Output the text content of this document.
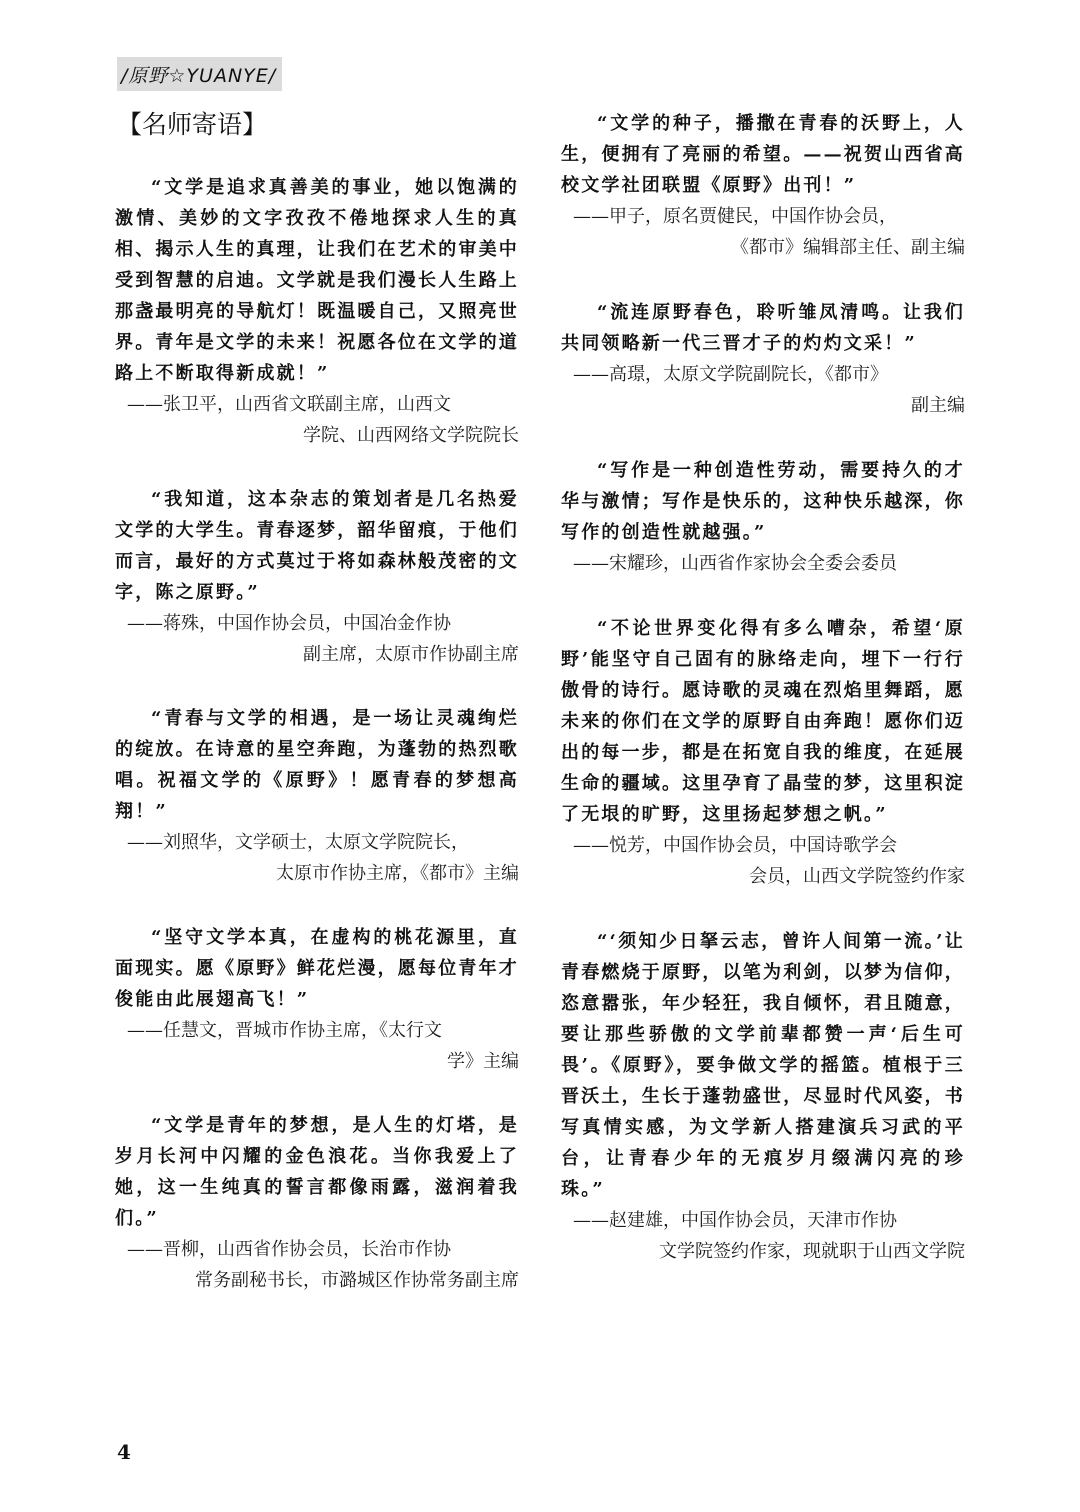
/原野☆YUANYE/
【名师寄语】

“文学是追求真善美的事业，她以饱满的激情、美妙的文字孜孜不倦地探求人生的真相、揭示人生的真理，让我们在艺术的审美中受到智慧的启迪。文学就是我们漫长人生路上那盏最明亮的导航灯！既温暖自己，又照亮世界。青年是文学的未来！祝愿各位在文学的道路上不断取得新成就！”

——张卫平，山西省文联副主席，山西文
学院、山西网络文学院院长

“我知道，这本杂志的策划者是几名热爱文学的大学生。青春逐梦，韶华留痕，于他们而言，最好的方式莫过于将如森林般茂密的文字，陈之原野。”

——蒋殊，中国作协会员，中国冶金作协
副主席，太原市作协副主席

“青春与文学的相遇，是一场让灵魂绚烂的绽放。在诗意的星空奔跑，为蓬勃的热烈歌唱。祝福文学的《原野》！愿青春的梦想高翔！”

——刘照华，文学硕士，太原文学院院长，
太原市作协主席，《都市》主编

“坚守文学本真，在虚构的桃花源里，直面现实。愿《原野》鲜花烂漫，愿每位青年才俊能由此展翅高飞！”

——任慧文，晋城市作协主席，《太行文
学》主编

“文学是青年的梦想，是人生的灯塔，是岁月长河中闪耀的金色浪花。当你我爱上了她，这一生纯真的誓言都像雨露，滋润着我们。”

——晋柳，山西省作协会员，长治市作协
常务副秘书长，市潞城区作协常务副主席

“文学的种子，播撒在青春的沃野上，人生，便拥有了亮丽的希望。——祝贺山西省高校文学社团联盟《原野》出刊！”

——甲子，原名贾健民，中国作协会员，
《都市》编辑部主任、副主编

“流连原野春色，聆听雏凤清鸣。让我们共同领略新一代三晋才子的灼灼文采！”

——高璟，太原文学院副院长，《都市》
副主编

“写作是一种创造性劳动，需要持久的才华与激情；写作是快乐的，这种快乐越深，你写作的创造性就越强。”

——宋耀珍，山西省作家协会全委会委员

“不论世界变化得有多么嘈杂，希望‘原野’能坚守自己固有的脉络走向，埋下一行行傲骨的诗行。愿诗歌的灵魂在烈焰里舞蹈，愿未来的你们在文学的原野自由奔跑！愿你们迈出的每一步，都是在拓宽自我的维度，在延展生命的疆域。这里孕育了晶莹的梦，这里积淀了无垠的旷野，这里扬起梦想之帆。”

——悦芳，中国作协会员，中国诗歌学会
会员，山西文学院签约作家

“‘须知少日拏云志，曾许人间第一流。’让青春燃烧于原野，以笔为利剑，以梦为信仰，恣意嚣张，年少轻狂，我自倾怀，君且随意，要让那些骄傲的文学前辈都赞一声‘后生可畏’。《原野》，要争做文学的摇篮。植根于三晋沃土，生长于蓬勃盛世，尽显时代风姿，书写真情实感，为文学新人搭建演兵习武的平台，让青春少年的无痕岁月缀满闪亮的珍珠。”

——赵建雄，中国作协会员，天津市作协
文学院签约作家，现就职于山西文学院

4
